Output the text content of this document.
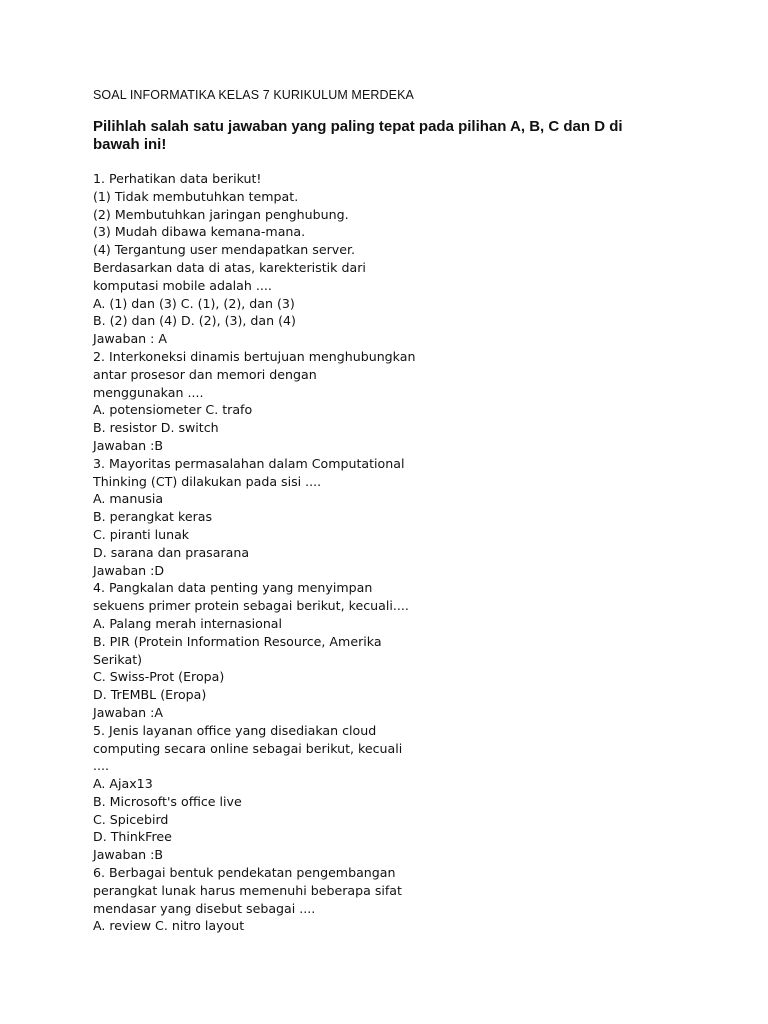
SOAL INFORMATIKA KELAS 7 KURIKULUM MERDEKA
Pilihlah salah satu jawaban yang paling tepat pada pilihan A, B, C dan D di bawah ini!
1. Perhatikan data berikut!
(1) Tidak membutuhkan tempat.
(2) Membutuhkan jaringan penghubung.
(3) Mudah dibawa kemana-mana.
(4) Tergantung user mendapatkan server.
Berdasarkan data di atas, karekteristik dari
komputasi mobile adalah ....
A. (1) dan (3) C. (1), (2), dan (3)
B. (2) dan (4) D. (2), (3), dan (4)
Jawaban : A
2. Interkoneksi dinamis bertujuan menghubungkan
antar prosesor dan memori dengan
menggunakan ....
A. potensiometer C. trafo
B. resistor D. switch
Jawaban :B
3. Mayoritas permasalahan dalam Computational
Thinking (CT) dilakukan pada sisi ....
A. manusia
B. perangkat keras
C. piranti lunak
D. sarana dan prasarana
Jawaban :D
4. Pangkalan data penting yang menyimpan
sekuens primer protein sebagai berikut, kecuali....
A. Palang merah internasional
B. PIR (Protein Information Resource, Amerika
Serikat)
C. Swiss-Prot (Eropa)
D. TrEMBL (Eropa)
Jawaban :A
5. Jenis layanan office yang disediakan cloud
computing secara online sebagai berikut, kecuali
....
A. Ajax13
B. Microsoft's office live
C. Spicebird
D. ThinkFree
Jawaban :B
6. Berbagai bentuk pendekatan pengembangan
perangkat lunak harus memenuhi beberapa sifat
mendasar yang disebut sebagai ....
A. review C. nitro layout
